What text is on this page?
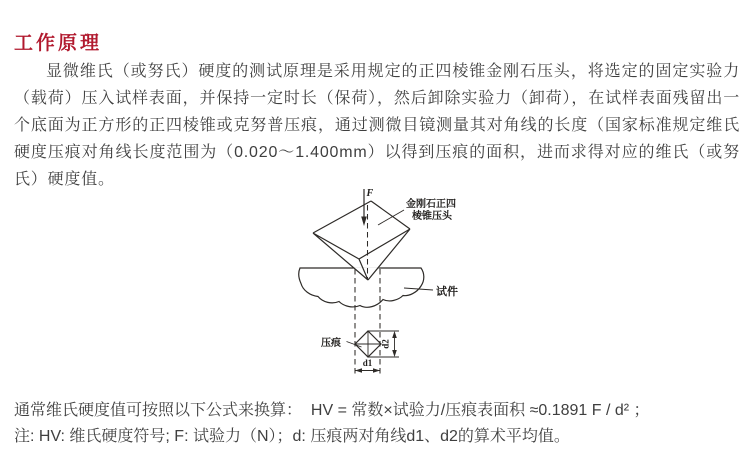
工作原理
显微维氏（或努氏）硬度的测试原理是采用规定的正四棱锥金刚石压头，将选定的固定实验力（载荷）压入试样表面，并保持一定时长（保荷），然后卸除实验力（卸荷），在试样表面残留出一个底面为正方形的正四棱锥或克努普压痕，通过测微目镜测量其对角线的长度（国家标准规定维氏硬度压痕对角线长度范围为（0.020～1.400mm）以得到压痕的面积，进而求得对应的维氏（或努氏）硬度值。
F
金刚石正四
棱锥压头
试件
压痕	d2
d1
通常维氏硬度值可按照以下公式来换算：  HV = 常数×试验力/压痕表面积 ≈0.1891 F / d² ；
注: HV: 维氏硬度符号; F: 试验力（N）；d: 压痕两对角线d1、d2的算术平均值。
